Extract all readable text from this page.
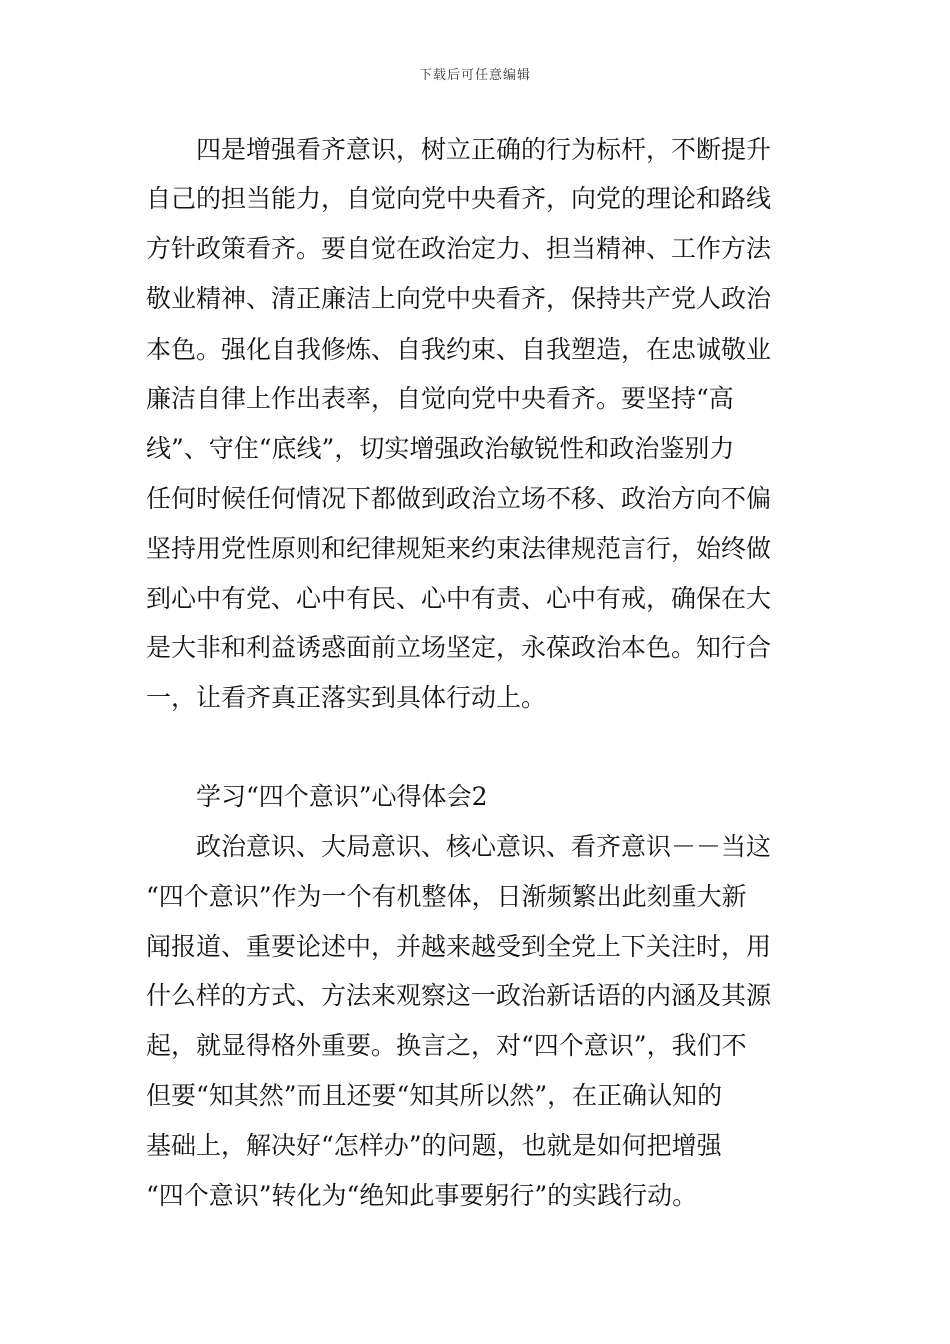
下载后可任意编辑
　　四是增强看齐意识，树立正确的行为标杆，不断提升
自己的担当能力，自觉向党中央看齐，向党的理论和路线
方针政策看齐。要自觉在政治定力、担当精神、工作方法
敬业精神、清正廉洁上向党中央看齐，保持共产党人政治
本色。强化自我修炼、自我约束、自我塑造，在忠诚敬业
廉洁自律上作出表率，自觉向党中央看齐。要坚持“高
线”、守住“底线”，切实增强政治敏锐性和政治鉴别力
任何时候任何情况下都做到政治立场不移、政治方向不偏
坚持用党性原则和纪律规矩来约束法律规范言行，始终做
到心中有党、心中有民、心中有责、心中有戒，确保在大
是大非和利益诱惑面前立场坚定，永葆政治本色。知行合
一，让看齐真正落实到具体行动上。
　　学习“四个意识”心得体会2
　　政治意识、大局意识、核心意识、看齐意识－－当这
“四个意识”作为一个有机整体，日渐频繁出此刻重大新
闻报道、重要论述中，并越来越受到全党上下关注时，用
什么样的方式、方法来观察这一政治新话语的内涵及其源
起，就显得格外重要。换言之，对“四个意识”，我们不
但要“知其然”而且还要“知其所以然”，在正确认知的
基础上，解决好“怎样办”的问题，也就是如何把增强
“四个意识”转化为“绝知此事要躬行”的实践行动。
